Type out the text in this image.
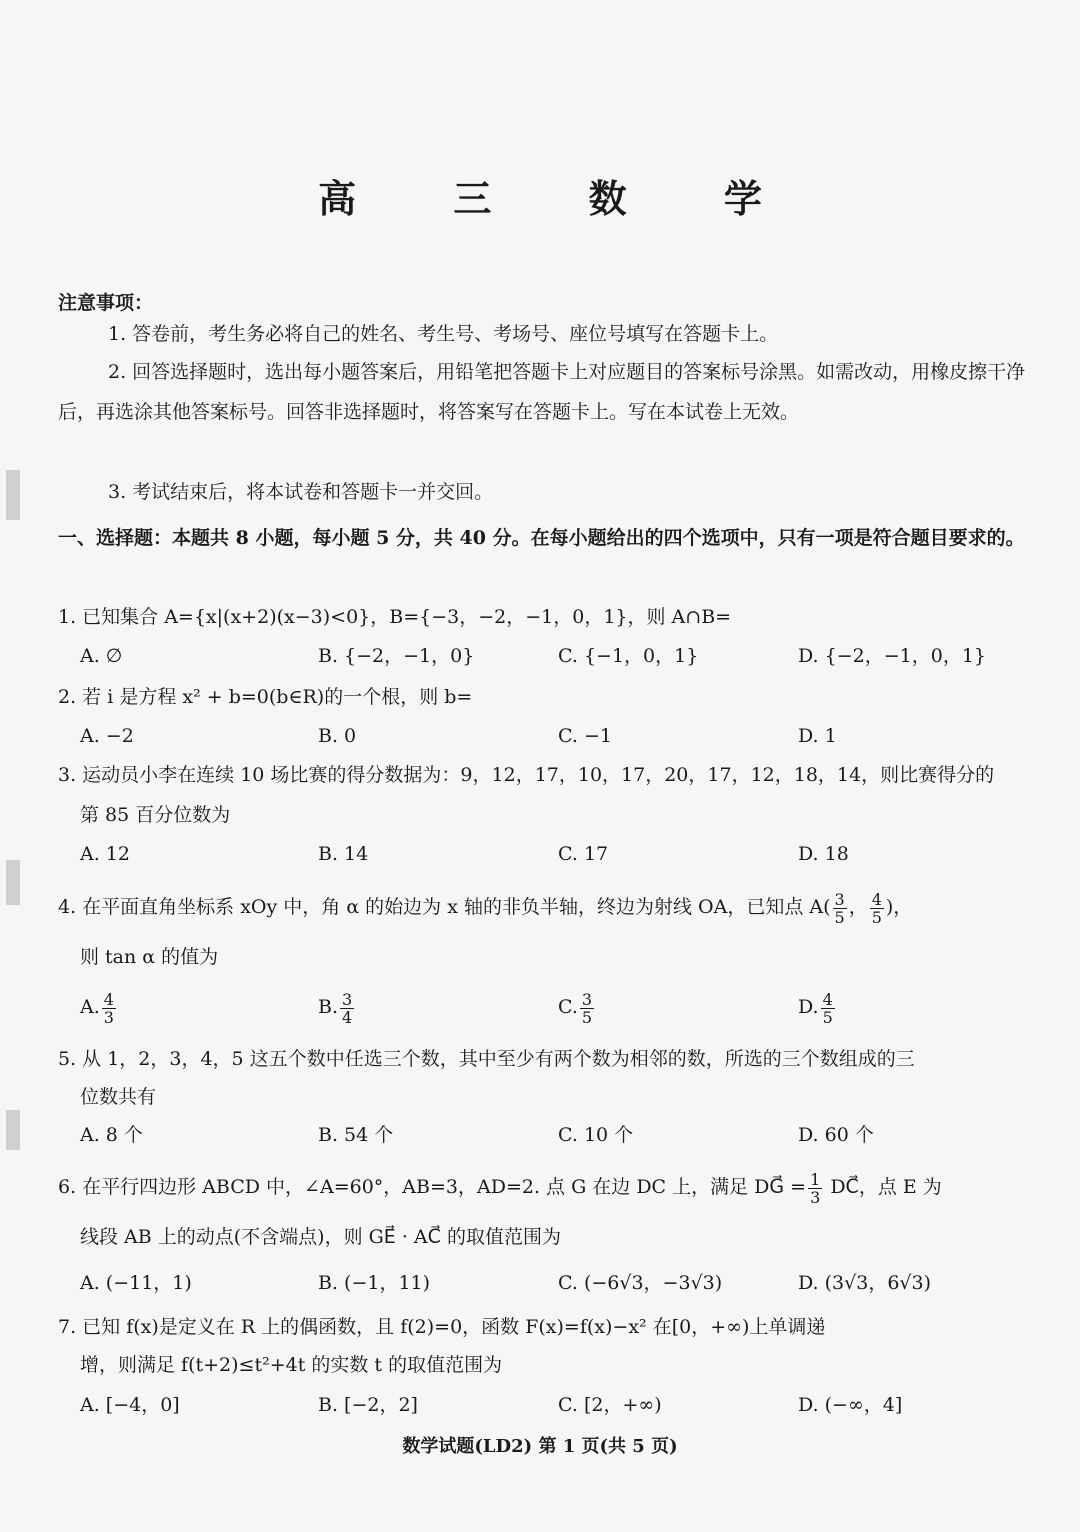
高 三 数 学
注意事项：
1. 答卷前，考生务必将自己的姓名、考生号、考场号、座位号填写在答题卡上。
2. 回答选择题时，选出每小题答案后，用铅笔把答题卡上对应题目的答案标号涂黑。如需改动，用橡皮擦干净后，再选涂其他答案标号。回答非选择题时，将答案写在答题卡上。写在本试卷上无效。
3. 考试结束后，将本试卷和答题卡一并交回。
一、选择题：本题共 8 小题，每小题 5 分，共 40 分。在每小题给出的四个选项中，只有一项是符合题目要求的。
1. 已知集合 A={x|(x+2)(x−3)<0}，B={−3，−2，−1，0，1}，则 A∩B=
A. ∅	B. {−2，−1，0}	C. {−1，0，1}	D. {−2，−1，0，1}
2. 若 i 是方程 x² + b=0(b∈R)的一个根，则 b=
A. −2	B. 0	C. −1	D. 1
3. 运动员小李在连续 10 场比赛的得分数据为：9，12，17，10，17，20，17，12，18，14，则比赛得分的
第 85 百分位数为
A. 12	B. 14	C. 17	D. 18
4. 在平面直角坐标系 xOy 中，角 α 的始边为 x 轴的非负半轴，终边为射线 OA，已知点 $A( \frac{3}{5}$ ， $\frac{4}{5}$ )，
则 tan α 的值为
A. $\frac{4}{3}$	B. $\frac{3}{4}$	C. $\frac{3}{5}$	D. $\frac{4}{5}$
5. 从 1，2，3，4，5 这五个数中任选三个数，其中至少有两个数为相邻的数，所选的三个数组成的三
位数共有
A. 8 个	B. 54 个	C. 10 个	D. 60 个
6. 在平行四边形 ABCD 中，∠A=60°，AB=3，AD=2. 点 G 在边 DC 上，满足 DG⃗ = $\frac{1}{3}$ DC⃗，点 E 为
线段 AB 上的动点(不含端点)，则 GE⃗ · AC⃗ 的取值范围为
A. (−11，1)	B. (−1，11)	C. (−6√3，−3√3)	D. (3√3，6√3)
7. 已知 f(x)是定义在 R 上的偶函数，且 f(2)=0，函数 F(x)=f(x)−x² 在[0，+∞)上单调递
增，则满足 f(t+2)≤t²+4t 的实数 t 的取值范围为
A. [−4，0]	B. [−2，2]	C. [2，+∞)	D. (−∞，4]
数学试题(LD2) 第 1 页(共 5 页)
